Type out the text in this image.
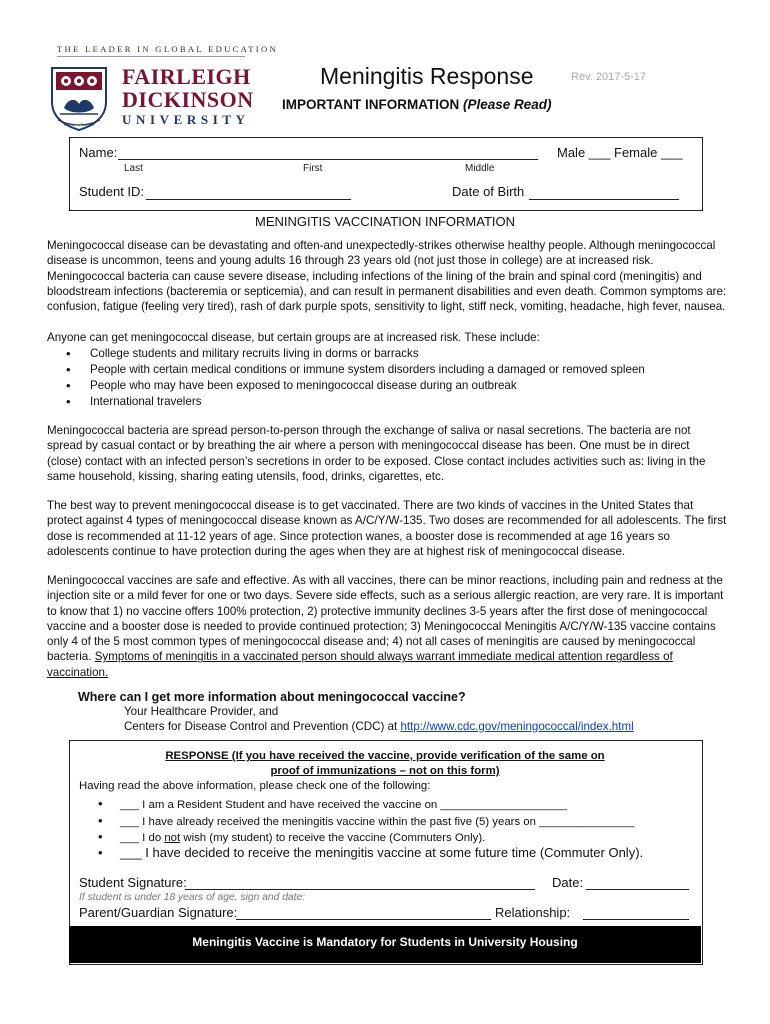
THE LEADER IN GLOBAL EDUCATION
Fortiter et Suaviter
FAIRLEIGH
DICKINSON
UNIVERSITY
Meningitis Response	Rev. 2017-5-17
IMPORTANT INFORMATION (Please Read)
Name:	Male ___ Female ___
Last	First	Middle
Student ID:	Date of Birth
MENINGITIS VACCINATION INFORMATION

Meningococcal disease can be devastating and often-and unexpectedly-strikes otherwise healthy people. Although meningococcal disease is uncommon, teens and young adults 16 through 23 years old (not just those in college) are at increased risk. Meningococcal bacteria can cause severe disease, including infections of the lining of the brain and spinal cord (meningitis) and bloodstream infections (bacteremia or septicemia), and can result in permanent disabilities and even death. Common symptoms are: confusion, fatigue (feeling very tired), rash of dark purple spots, sensitivity to light, stiff neck, vomiting, headache, high fever, nausea.

Anyone can get meningococcal disease, but certain groups are at increased risk. These include:

• College students and military recruits living in dorms or barracks
• People with certain medical conditions or immune system disorders including a damaged or removed spleen
• People who may have been exposed to meningococcal disease during an outbreak
• International travelers

Meningococcal bacteria are spread person-to-person through the exchange of saliva or nasal secretions. The bacteria are not spread by casual contact or by breathing the air where a person with meningococcal disease has been. One must be in direct (close) contact with an infected person’s secretions in order to be exposed. Close contact includes activities such as: living in the same household, kissing, sharing eating utensils, food, drinks, cigarettes, etc.

The best way to prevent meningococcal disease is to get vaccinated. There are two kinds of vaccines in the United States that protect against 4 types of meningococcal disease known as A/C/Y/W-135. Two doses are recommended for all adolescents. The first dose is recommended at 11-12 years of age. Since protection wanes, a booster dose is recommended at age 16 years so adolescents continue to have protection during the ages when they are at highest risk of meningococcal disease.

Meningococcal vaccines are safe and effective. As with all vaccines, there can be minor reactions, including pain and redness at the injection site or a mild fever for one or two days. Severe side effects, such as a serious allergic reaction, are very rare. It is important to know that 1) no vaccine offers 100% protection, 2) protective immunity declines 3-5 years after the first dose of meningococcal vaccine and a booster dose is needed to provide continued protection; 3) Meningococcal Meningitis A/C/Y/W-135 vaccine contains only 4 of the 5 most common types of meningococcal disease and; 4) not all cases of meningitis are caused by meningococcal bacteria. Symptoms of meningitis in a vaccinated person should always warrant immediate medical attention regardless of vaccination.

Where can I get more information about meningococcal vaccine?
Your Healthcare Provider, and
Centers for Disease Control and Prevention (CDC) at http://www.cdc.gov/meningococcal/index.html
RESPONSE (If you have received the vaccine, provide verification of the same on
proof of immunizations – not on this form)
Having read the above information, please check one of the following:
• ___ I am a Resident Student and have received the vaccine on ____________________
• ___ I have already received the meningitis vaccine within the past five (5) years on _______________
• ___ I do not wish (my student) to receive the vaccine (Commuters Only).
• ___ I have decided to receive the meningitis vaccine at some future time (Commuter Only).
Student Signature:	Date:
If student is under 18 years of age, sign and date:
Parent/Guardian Signature:	Relationship:
Meningitis Vaccine is Mandatory for Students in University Housing
